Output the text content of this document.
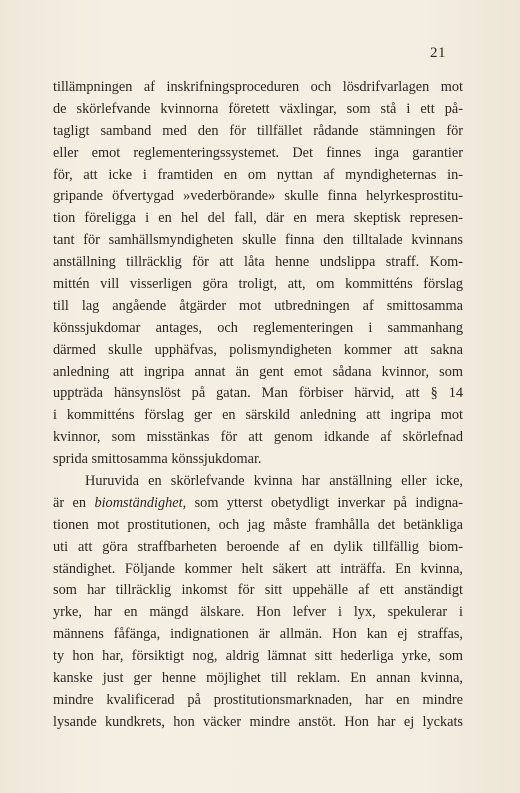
21
tillämpningen af inskrifningsproceduren och lösdrifvarlagen mot
de skörlefvande kvinnorna företett växlingar, som stå i ett på-
tagligt samband med den för tillfället rådande stämningen för
eller emot reglementeringssystemet. Det finnes inga garantier
för, att icke i framtiden en om nyttan af myndigheternas in-
gripande öfvertygad »vederbörande» skulle finna helyrkesprostitu-
tion föreligga i en hel del fall, där en mera skeptisk represen-
tant för samhällsmyndigheten skulle finna den tilltalade kvinnans
anställning tillräcklig för att låta henne undslippa straff. Kom-
mittén vill visserligen göra troligt, att, om kommitténs förslag
till lag angående åtgärder mot utbredningen af smittosamma
könssjukdomar antages, och reglementeringen i sammanhang
därmed skulle upphäfvas, polismyndigheten kommer att sakna
anledning att ingripa annat än gent emot sådana kvinnor, som
uppträda hänsynslöst på gatan. Man förbiser härvid, att § 14
i kommitténs förslag ger en särskild anledning att ingripa mot
kvinnor, som misstänkas för att genom idkande af skörlefnad
sprida smittosamma könssjukdomar.
Huruvida en skörlefvande kvinna har anställning eller icke,
är en biomständighet, som ytterst obetydligt inverkar på indigna-
tionen mot prostitutionen, och jag måste framhålla det betänkliga
uti att göra straffbarheten beroende af en dylik tillfällig biom-
ständighet. Följande kommer helt säkert att inträffa. En kvinna,
som har tillräcklig inkomst för sitt uppehälle af ett anständigt
yrke, har en mängd älskare. Hon lefver i lyx, spekulerar i
männens fåfänga, indignationen är allmän. Hon kan ej straffas,
ty hon har, försiktigt nog, aldrig lämnat sitt hederliga yrke, som
kanske just ger henne möjlighet till reklam. En annan kvinna,
mindre kvalificerad på prostitutionsmarknaden, har en mindre
lysande kundkrets, hon väcker mindre anstöt. Hon har ej lyckats
